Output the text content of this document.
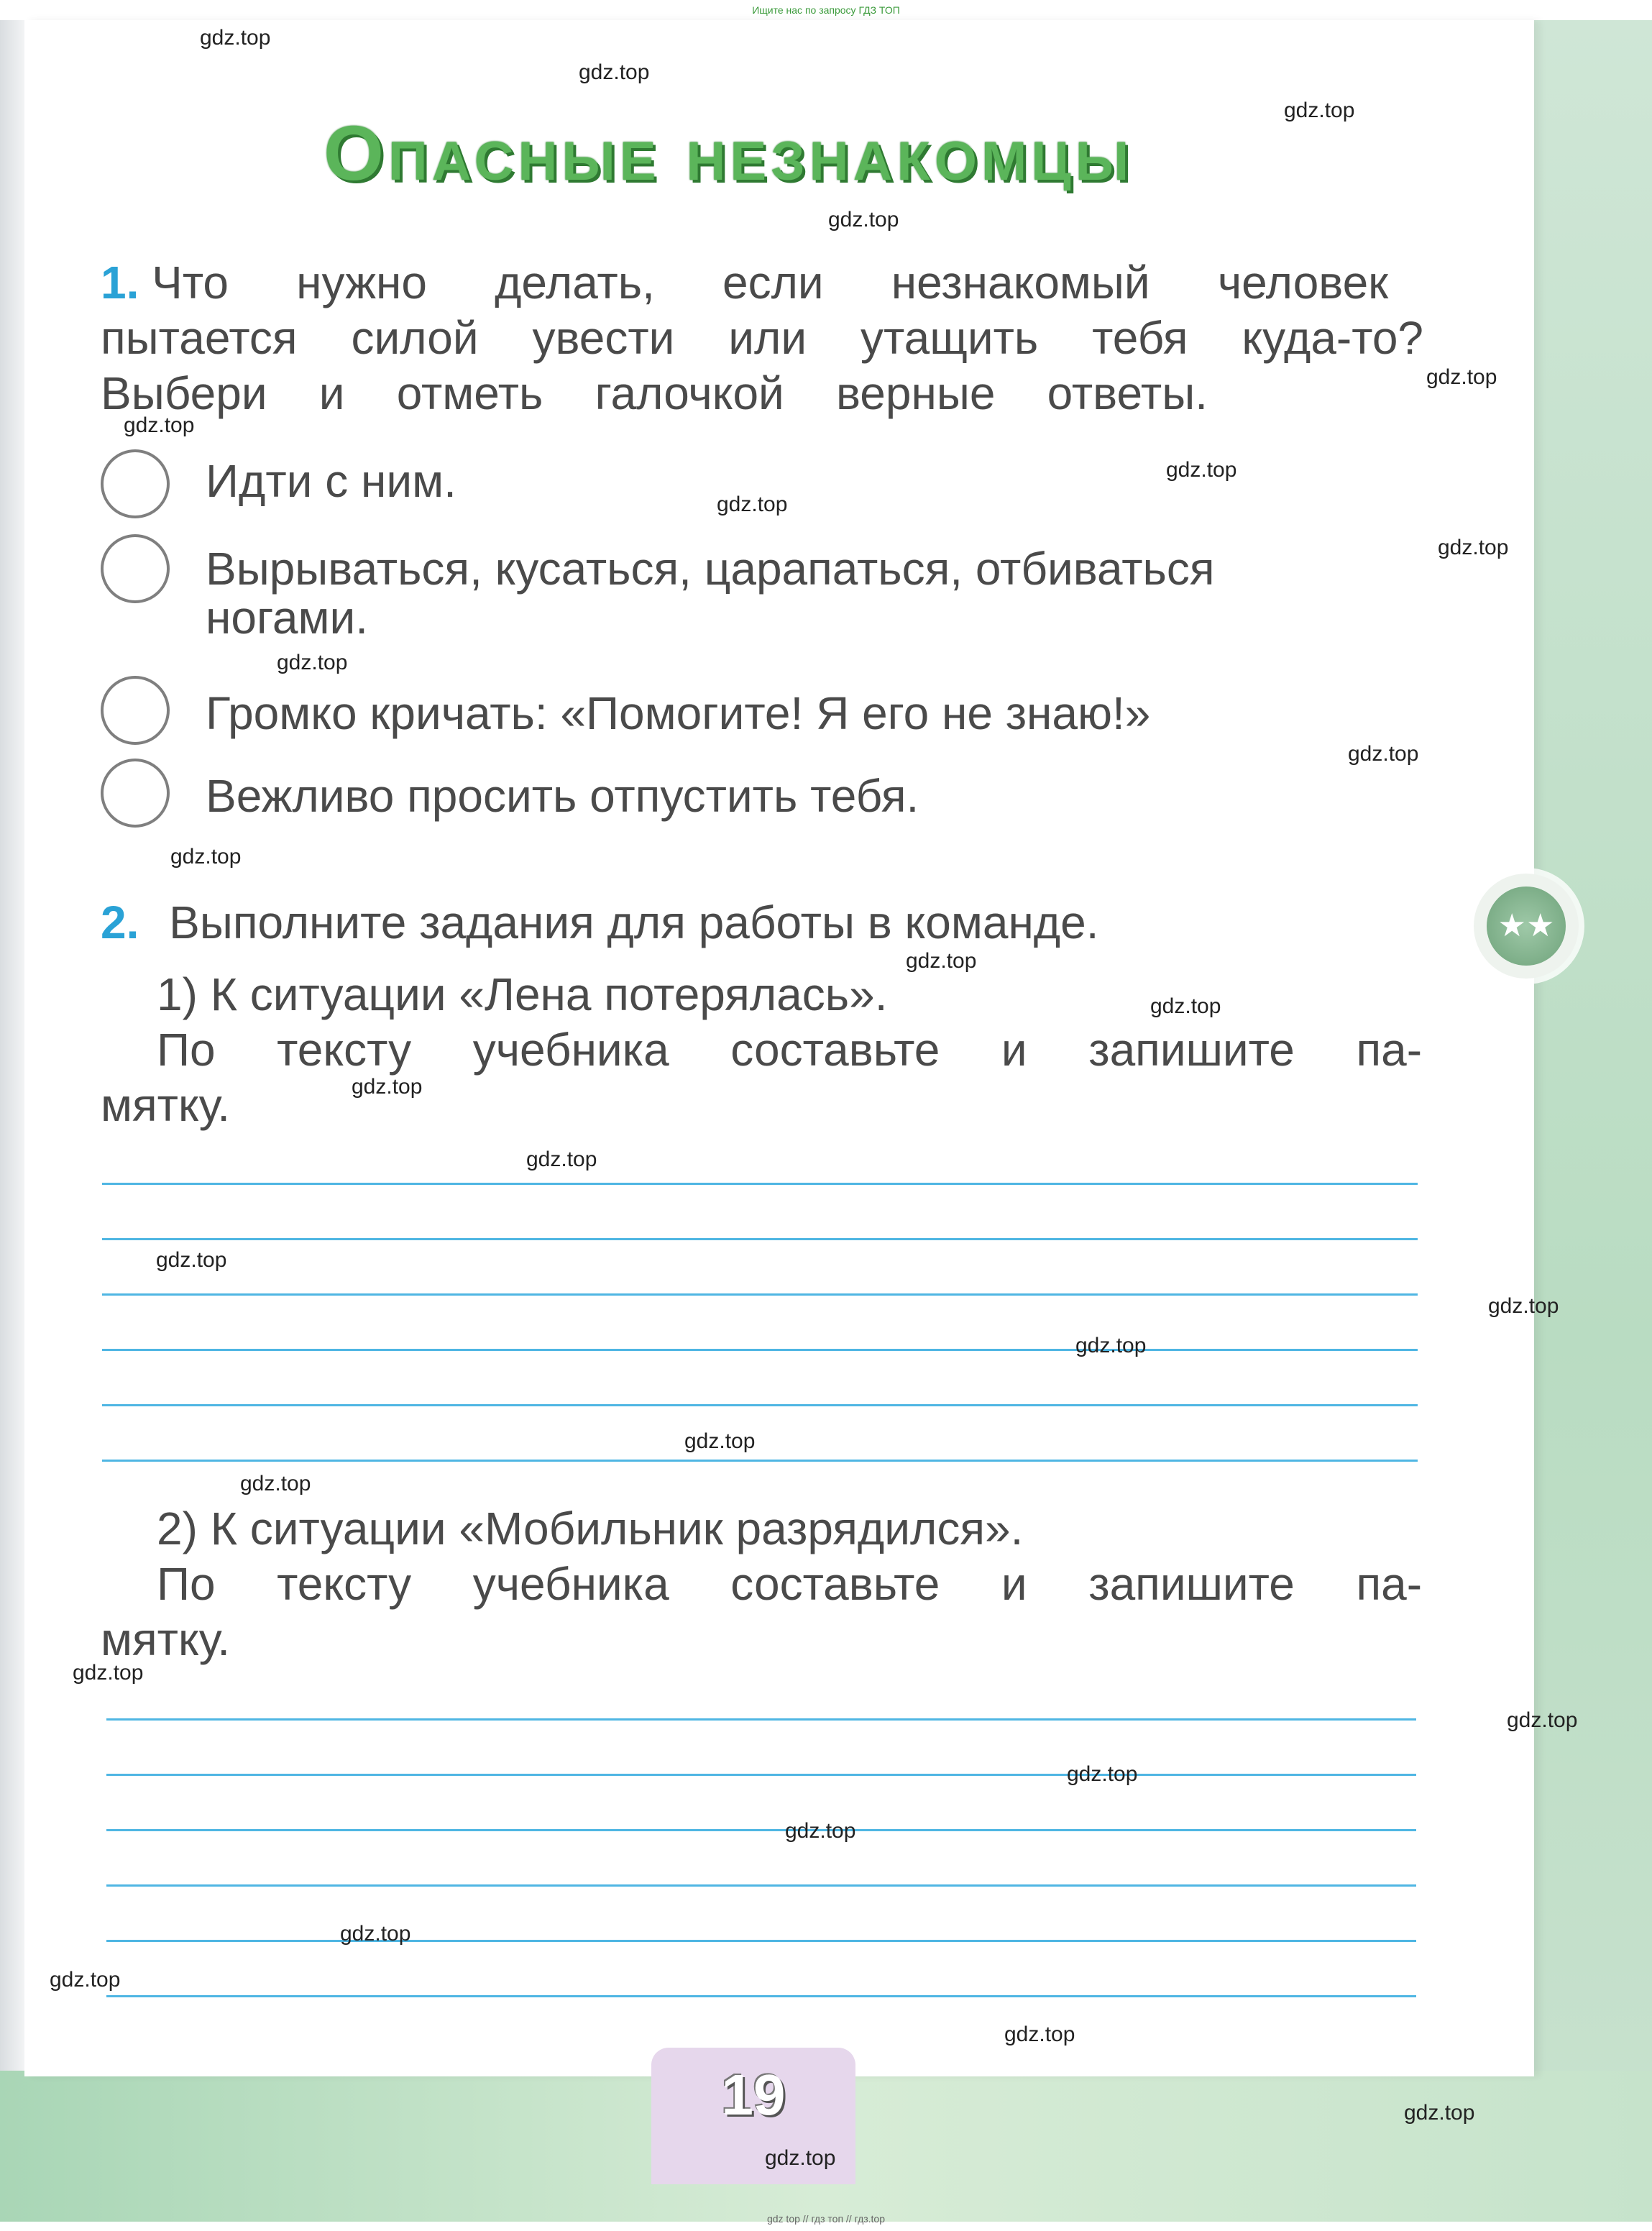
Ищите нас по запросу ГДЗ ТОП
Опасные незнакомцы
1. Что нужно делать, если незнакомый человек
пытается силой увести или утащить тебя куда-то?
Выбери и отметь галочкой верные ответы.
Идти с ним.
Вырываться, кусаться, царапаться, отбиваться
ногами.
Громко кричать: «Помогите! Я его не знаю!»
Вежливо просить отпустить тебя.
2. Выполните задания для работы в команде.
1) К ситуации «Лена потерялась».
По тексту учебника составьте и запишите па-
мятку.
2) К ситуации «Мобильник разрядился».
По тексту учебника составьте и запишите па-
мятку.
★★
19
gdz.top
gdz.top
gdz.top
gdz.top
gdz.top
gdz.top
gdz.top
gdz.top
gdz.top
gdz.top
gdz.top
gdz.top
gdz.top
gdz.top
gdz.top
gdz.top
gdz.top
gdz.top
gdz.top
gdz.top
gdz.top
gdz.top
gdz.top
gdz.top
gdz.top
gdz.top
gdz.top
gdz.top
gdz.top
gdz.top
gdz top // гдз топ // гдз.top
